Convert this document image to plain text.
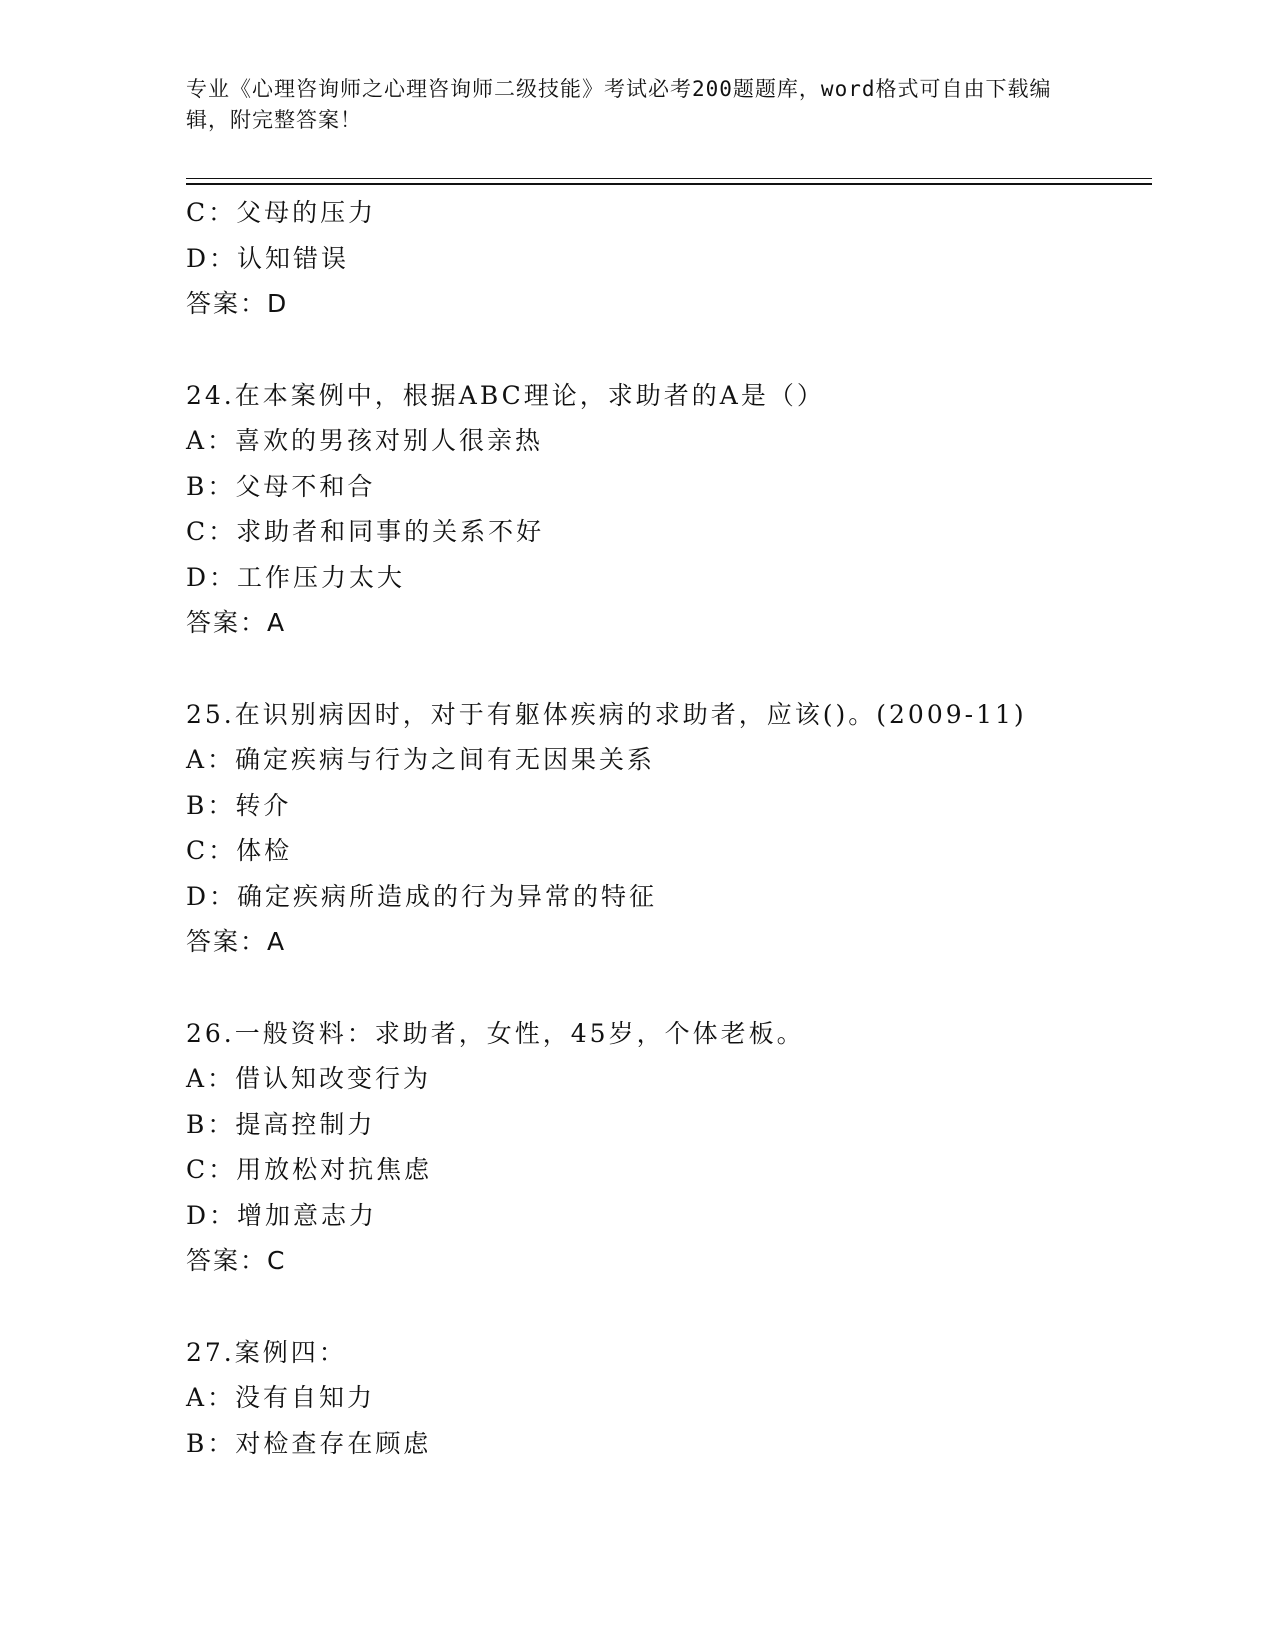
专业《心理咨询师之心理咨询师二级技能》考试必考200题题库，word格式可自由下载编辑，附完整答案！
C：父母的压力
D：认知错误
答案：D
24.在本案例中，根据ABC理论，求助者的A是（）
A：喜欢的男孩对别人很亲热
B：父母不和合
C：求助者和同事的关系不好
D：工作压力太大
答案：A
25.在识别病因时，对于有躯体疾病的求助者，应该()。(2009-11)
A：确定疾病与行为之间有无因果关系
B：转介
C：体检
D：确定疾病所造成的行为异常的特征
答案：A
26.一般资料：求助者，女性，45岁，个体老板。
A：借认知改变行为
B：提高控制力
C：用放松对抗焦虑
D：增加意志力
答案：C
27.案例四：
A：没有自知力
B：对检查存在顾虑
